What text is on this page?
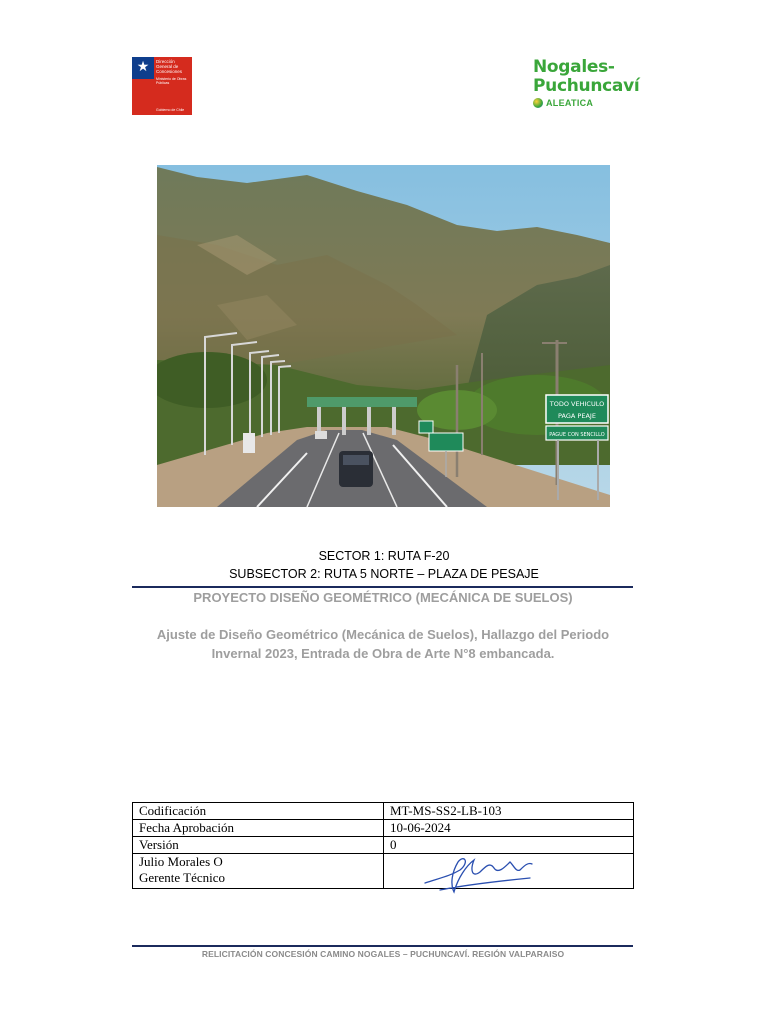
★	Dirección General de Concesiones
Ministerio de Obras Públicas
Gobierno de Chile
Nogales-
Puchuncaví
ALEATICA
TODO VEHICULO
PAGA PEAJE
PAGUE CON SENCILLO
SECTOR 1: RUTA F-20
SUBSECTOR 2: RUTA 5 NORTE – PLAZA DE PESAJE
PROYECTO DISEÑO GEOMÉTRICO (MECÁNICA DE SUELOS)
Ajuste de Diseño Geométrico (Mecánica de Suelos), Hallazgo del Periodo Invernal 2023, Entrada de Obra de Arte N°8 embancada.
Codificación	MT-MS-SS2-LB-103
Fecha Aprobación	10-06-2024
Versión	0

Julio Morales O
Gerente Técnico

RELICITACIÓN CONCESIÓN CAMINO NOGALES – PUCHUNCAVÍ. REGIÓN VALPARAISO
